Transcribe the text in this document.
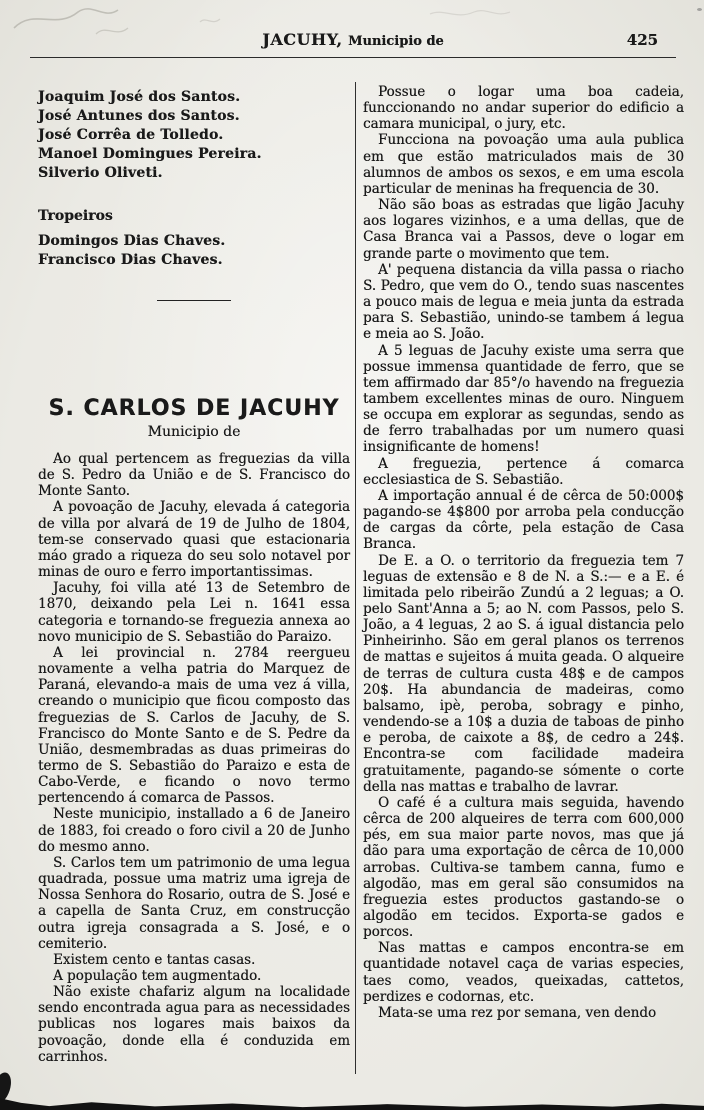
JACUHY, Municipio de	425

Joaquim José dos Santos.

José Antunes dos Santos.

José Corrêa de Tolledo.

Manoel Domingues Pereira.

Silverio Oliveti.

Tropeiros

Domingos Dias Chaves.

Francisco Dias Chaves.

S. CARLOS DE JACUHY

Municipio de

Ao qual pertencem as freguezias da villa de S. Pedro da União e de S. Francisco do Monte Santo.

A povoação de Jacuhy, elevada á categoria de villa por alvará de 19 de Julho de 1804, tem-se conservado quasi que estacionaria máo grado a riqueza do seu solo notavel por minas de ouro e ferro importantissimas.

Jacuhy, foi villa até 13 de Setembro de 1870, deixando pela Lei n. 1641 essa categoria e tornando-se freguezia annexa ao novo municipio de S. Sebastião do Paraizo.

A lei provincial n. 2784 reergueu novamente a velha patria do Marquez de Paraná, elevando-a mais de uma vez á villa, creando o municipio que ficou composto das freguezias de S. Carlos de Jacuhy, de S. Francisco do Monte Santo e de S. Pedre da União, desmembradas as duas primeiras do termo de S. Sebastião do Paraizo e esta de Cabo-Verde, e ficando o novo termo pertencendo á comarca de Passos.

Neste municipio, installado a 6 de Janeiro de 1883, foi creado o foro civil a 20 de Junho do mesmo anno.

S. Carlos tem um patrimonio de uma legua quadrada, possue uma matriz uma igreja de Nossa Senhora do Rosario, outra de S. José e a capella de Santa Cruz, em construcção outra igreja consagrada a S. José, e o cemiterio.

Existem cento e tantas casas.

A população tem augmentado.

Não existe chafariz algum na localidade sendo encontrada agua para as necessidades publicas nos logares mais baixos da povoação, donde ella é conduzida em carrinhos.

Possue o logar uma boa cadeia, funccionando no andar superior do edificio a camara municipal, o jury, etc.

Funcciona na povoação uma aula publica em que estão matriculados mais de 30 alumnos de ambos os sexos, e em uma escola particular de meninas ha frequencia de 30.

Não são boas as estradas que ligão Jacuhy aos logares vizinhos, e a uma dellas, que de Casa Branca vai a Passos, deve o logar em grande parte o movimento que tem.

A' pequena distancia da villa passa o riacho S. Pedro, que vem do O., tendo suas nascentes a pouco mais de legua e meia junta da estrada para S. Sebastião, unindo-se tambem á legua e meia ao S. João.

A 5 leguas de Jacuhy existe uma serra que possue immensa quantidade de ferro, que se tem affirmado dar 85°/o havendo na freguezia tambem excellentes minas de ouro. Ninguem se occupa em explorar as segundas, sendo as de ferro trabalhadas por um numero quasi insignificante de homens!

A freguezia, pertence á comarca ecclesiastica de S. Sebastião.

A importação annual é de cêrca de 50:000$ pagando-se 4$800 por arroba pela conducção de cargas da côrte, pela estação de Casa Branca.

De E. a O. o territorio da freguezia tem 7 leguas de extensão e 8 de N. a S.:— e a E. é limitada pelo ribeirão Zundú a 2 leguas; a O. pelo Sant'Anna a 5; ao N. com Passos, pelo S. João, a 4 leguas, 2 ao S. á igual distancia pelo Pinheirinho. São em geral planos os terrenos de mattas e sujeitos á muita geada. O alqueire de terras de cultura custa 48$ e de campos 20$. Ha abundancia de madeiras, como balsamo, ipè, peroba, sobragy e pinho, vendendo-se a 10$ a duzia de taboas de pinho e peroba, de caixote a 8$, de cedro a 24$. Encontra-se com facilidade madeira gratuitamente, pagando-se sómente o corte della nas mattas e trabalho de lavrar.

O café é a cultura mais seguida, havendo cêrca de 200 alqueires de terra com 600,000 pés, em sua maior parte novos, mas que já dão para uma exportação de cêrca de 10,000 arrobas. Cultiva-se tambem canna, fumo e algodão, mas em geral são consumidos na freguezia estes productos gastando-se o algodão em tecidos. Exporta-se gados e porcos.

Nas mattas e campos encontra-se em quantidade notavel caça de varias especies, taes como, veados, queixadas, cattetos, perdizes e codornas, etc.

Mata-se uma rez por semana, ven dendo
